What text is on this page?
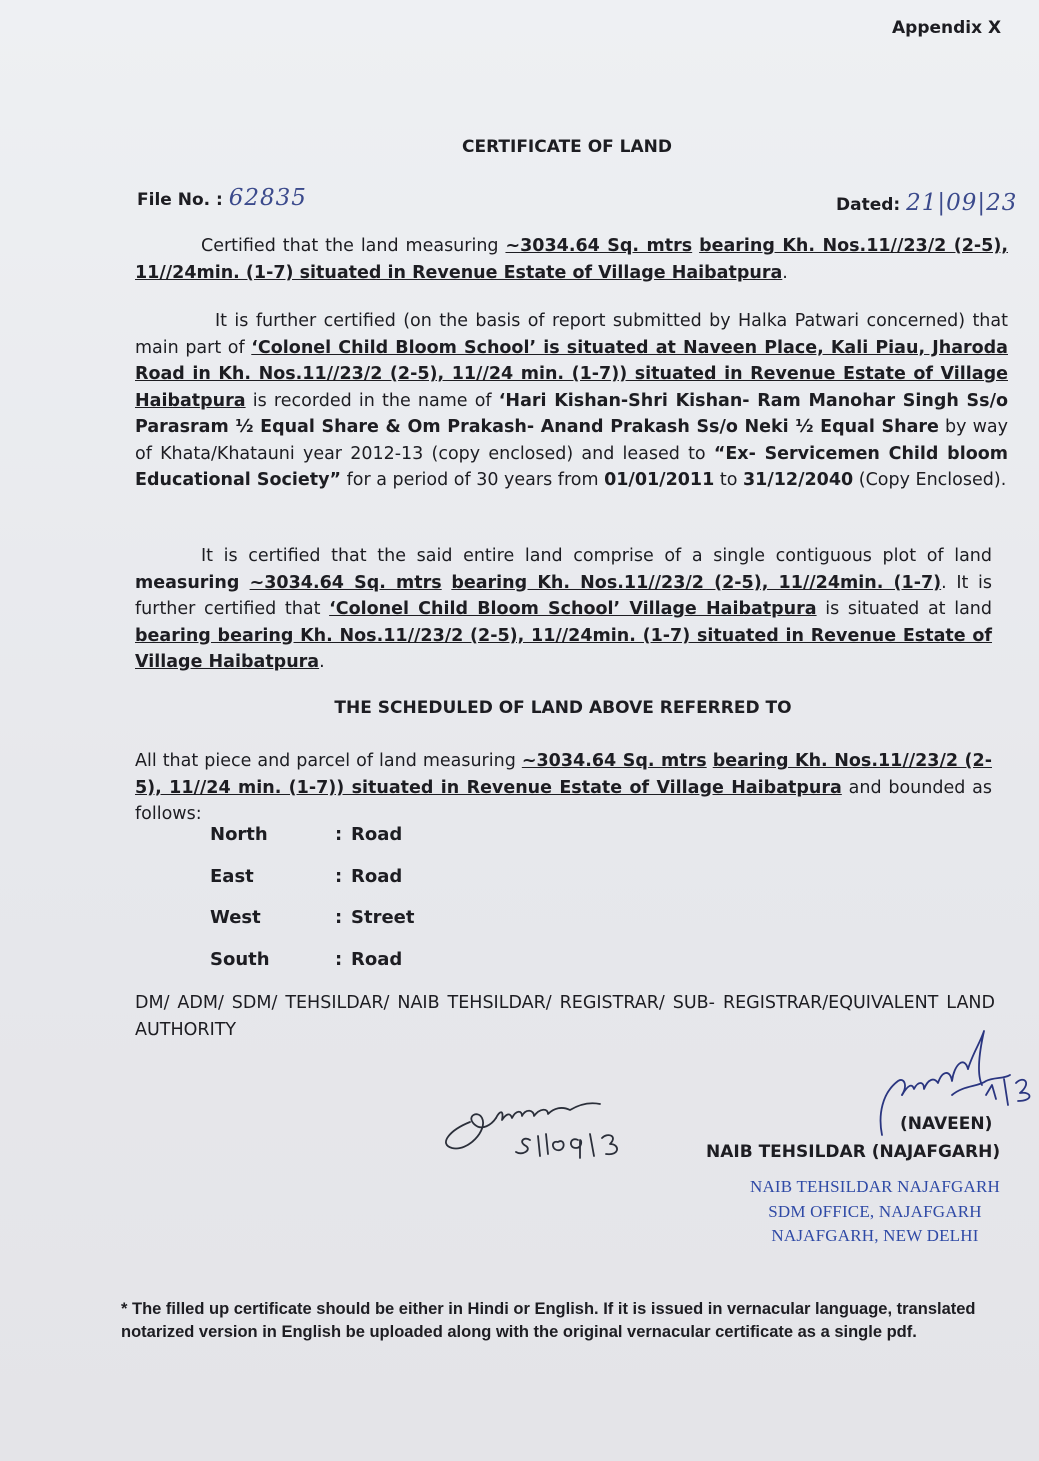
Appendix X
CERTIFICATE OF LAND
File No. : 62835	Dated: 21|09|23
Certified that the land measuring ~3034.64 Sq. mtrs bearing Kh. Nos.11//23/2 (2-5), 11//24min. (1-7) situated in Revenue Estate of Village Haibatpura.
It is further certified (on the basis of report submitted by Halka Patwari concerned) that main part of ‘Colonel Child Bloom School’ is situated at Naveen Place, Kali Piau, Jharoda Road in Kh. Nos.11//23/2 (2-5), 11//24 min. (1-7)) situated in Revenue Estate of Village Haibatpura is recorded in the name of ‘Hari Kishan-Shri Kishan- Ram Manohar Singh Ss/o Parasram ½ Equal Share & Om Prakash- Anand Prakash Ss/o Neki ½ Equal Share by way of Khata/Khatauni year 2012-13 (copy enclosed) and leased to “Ex- Servicemen Child bloom Educational Society” for a period of 30 years from 01/01/2011 to 31/12/2040 (Copy Enclosed).
It is certified that the said entire land comprise of a single contiguous plot of land measuring ~3034.64 Sq. mtrs bearing Kh. Nos.11//23/2 (2-5), 11//24min. (1-7). It is further certified that ‘Colonel Child Bloom School’ Village Haibatpura is situated at land bearing bearing Kh. Nos.11//23/2 (2-5), 11//24min. (1-7) situated in Revenue Estate of Village Haibatpura.
THE SCHEDULED OF LAND ABOVE REFERRED TO
All that piece and parcel of land measuring ~3034.64 Sq. mtrs bearing Kh. Nos.11//23/2 (2-5), 11//24 min. (1-7)) situated in Revenue Estate of Village Haibatpura and bounded as follows:
North	: Road
East	: Road
West	: Street
South	: Road
DM/ ADM/ SDM/ TEHSILDAR/ NAIB TEHSILDAR/ REGISTRAR/ SUB- REGISTRAR/EQUIVALENT LAND AUTHORITY
(NAVEEN)
NAIB TEHSILDAR (NAJAFGARH)
NAIB TEHSILDAR NAJAFGARH
SDM OFFICE, NAJAFGARH
NAJAFGARH, NEW DELHI
* The filled up certificate should be either in Hindi or English. If it is issued in vernacular language, translated notarized version in English be uploaded along with the original vernacular certificate as a single pdf.
